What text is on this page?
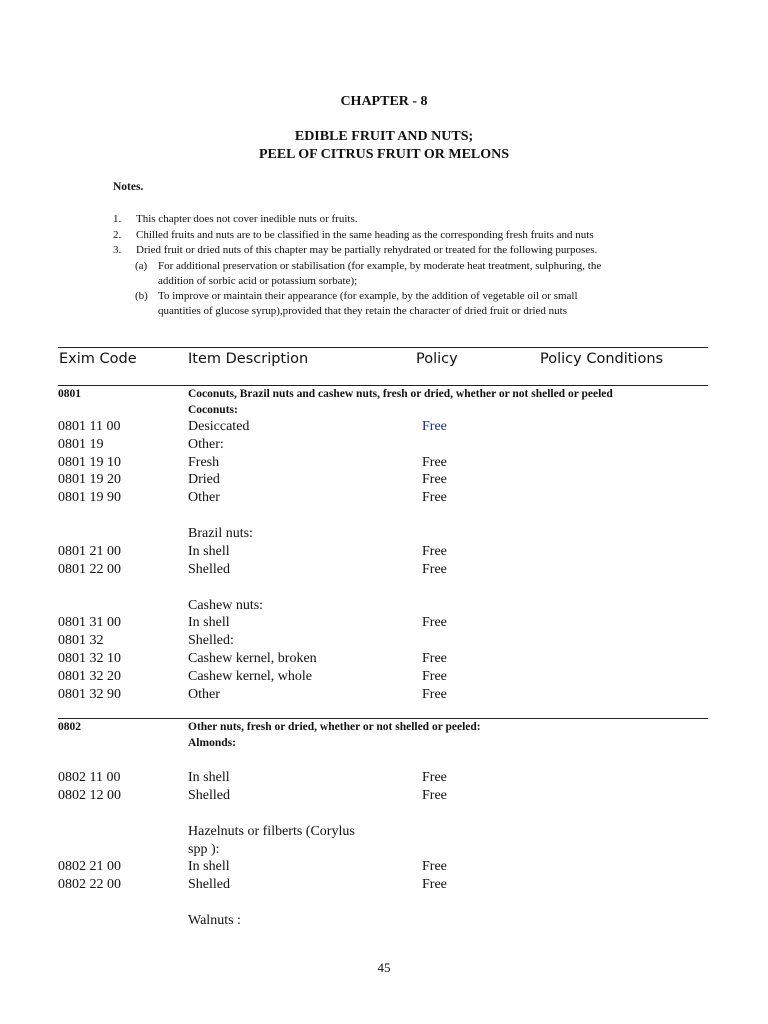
CHAPTER - 8
EDIBLE FRUIT AND NUTS;
PEEL OF CITRUS FRUIT OR MELONS
Notes.
1. This chapter does not cover inedible nuts or fruits.
2. Chilled fruits and nuts are to be classified in the same heading as the corresponding fresh fruits and nuts
3. Dried fruit or dried nuts of this chapter may be partially rehydrated or treated for the following purposes.
(a) For additional preservation or stabilisation (for example, by moderate heat treatment, sulphuring, the
addition of sorbic acid or potassium sorbate);
(b) To improve or maintain their appearance (for example, by the addition of vegetable oil or small
quantities of glucose syrup),provided that they retain the character of dried fruit or dried nuts
Exim Code	Item Description	Policy	Policy Conditions
0801	Coconuts, Brazil nuts and cashew nuts, fresh or dried, whether or not shelled or peeled
Coconuts:
0801 11 00	Desiccated	Free
0801 19	Other:
0801 19 10	Fresh	Free
0801 19 20	Dried	Free
0801 19 90	Other	Free
Brazil nuts:
0801 21 00	In shell	Free
0801 22 00	Shelled	Free
Cashew nuts:
0801 31 00	In shell	Free
0801 32	Shelled:
0801 32 10	Cashew kernel, broken	Free
0801 32 20	Cashew kernel, whole	Free
0801 32 90	Other	Free
0802	Other nuts, fresh or dried, whether or not shelled or peeled:
Almonds:
0802 11 00	In shell	Free
0802 12 00	Shelled	Free
Hazelnuts or filberts (Corylus
spp ):
0802 21 00	In shell	Free
0802 22 00	Shelled	Free
Walnuts :
45
